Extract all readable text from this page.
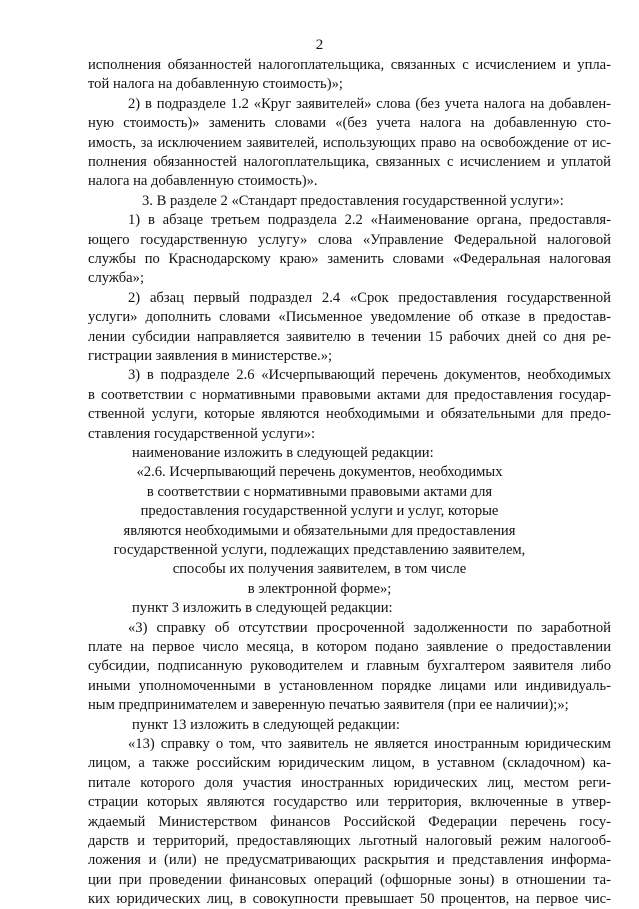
2
исполнения обязанностей налогоплательщика, связанных с исчислением и упла-
той налога на добавленную стоимость)»;
2) в подразделе 1.2 «Круг заявителей» слова (без учета налога на добавлен-
ную стоимость)» заменить словами «(без учета налога на добавленную сто-
имость, за исключением заявителей, использующих право на освобождение от ис-
полнения обязанностей налогоплательщика, связанных с исчислением и уплатой
налога на добавленную стоимость)».
3. В разделе 2 «Стандарт предоставления государственной услуги»:
1) в абзаце третьем подраздела 2.2 «Наименование органа, предоставля-
ющего государственную услугу» слова «Управление Федеральной налоговой
службы по Краснодарскому краю» заменить словами «Федеральная налоговая
служба»;
2) абзац первый подраздел 2.4 «Срок предоставления государственной
услуги» дополнить словами «Письменное уведомление об отказе в предостав-
лении субсидии направляется заявителю в течении 15 рабочих дней со дня ре-
гистрации заявления в министерстве.»;
3) в подразделе 2.6 «Исчерпывающий перечень документов, необходимых
в соответствии с нормативными правовыми актами для предоставления государ-
ственной услуги, которые являются необходимыми и обязательными для предо-
ставления государственной услуги»:
наименование изложить в следующей редакции:
«2.6. Исчерпывающий перечень документов, необходимых
в соответствии с нормативными правовыми актами для
предоставления государственной услуги и услуг, которые
являются необходимыми и обязательными для предоставления
государственной услуги, подлежащих представлению заявителем,
способы их получения заявителем, в том числе
в электронной форме»;
пункт 3 изложить в следующей редакции:
«3) справку об отсутствии просроченной задолженности по заработной
плате на первое число месяца, в котором подано заявление о предоставлении
субсидии, подписанную руководителем и главным бухгалтером заявителя либо
иными уполномоченными в установленном порядке лицами или индивидуаль-
ным предпринимателем и заверенную печатью заявителя (при ее наличии);»;
пункт 13 изложить в следующей редакции:
«13) справку о том, что заявитель не является иностранным юридическим
лицом, а также российским юридическим лицом, в уставном (складочном) ка-
питале которого доля участия иностранных юридических лиц, местом реги-
страции которых являются государство или территория, включенные в утвер-
ждаемый Министерством финансов Российской Федерации перечень госу-
дарств и территорий, предоставляющих льготный налоговый режим налогооб-
ложения и (или) не предусматривающих раскрытия и представления информа-
ции при проведении финансовых операций (офшорные зоны) в отношении та-
ких юридических лиц, в совокупности превышает 50 процентов, на первое чис-
